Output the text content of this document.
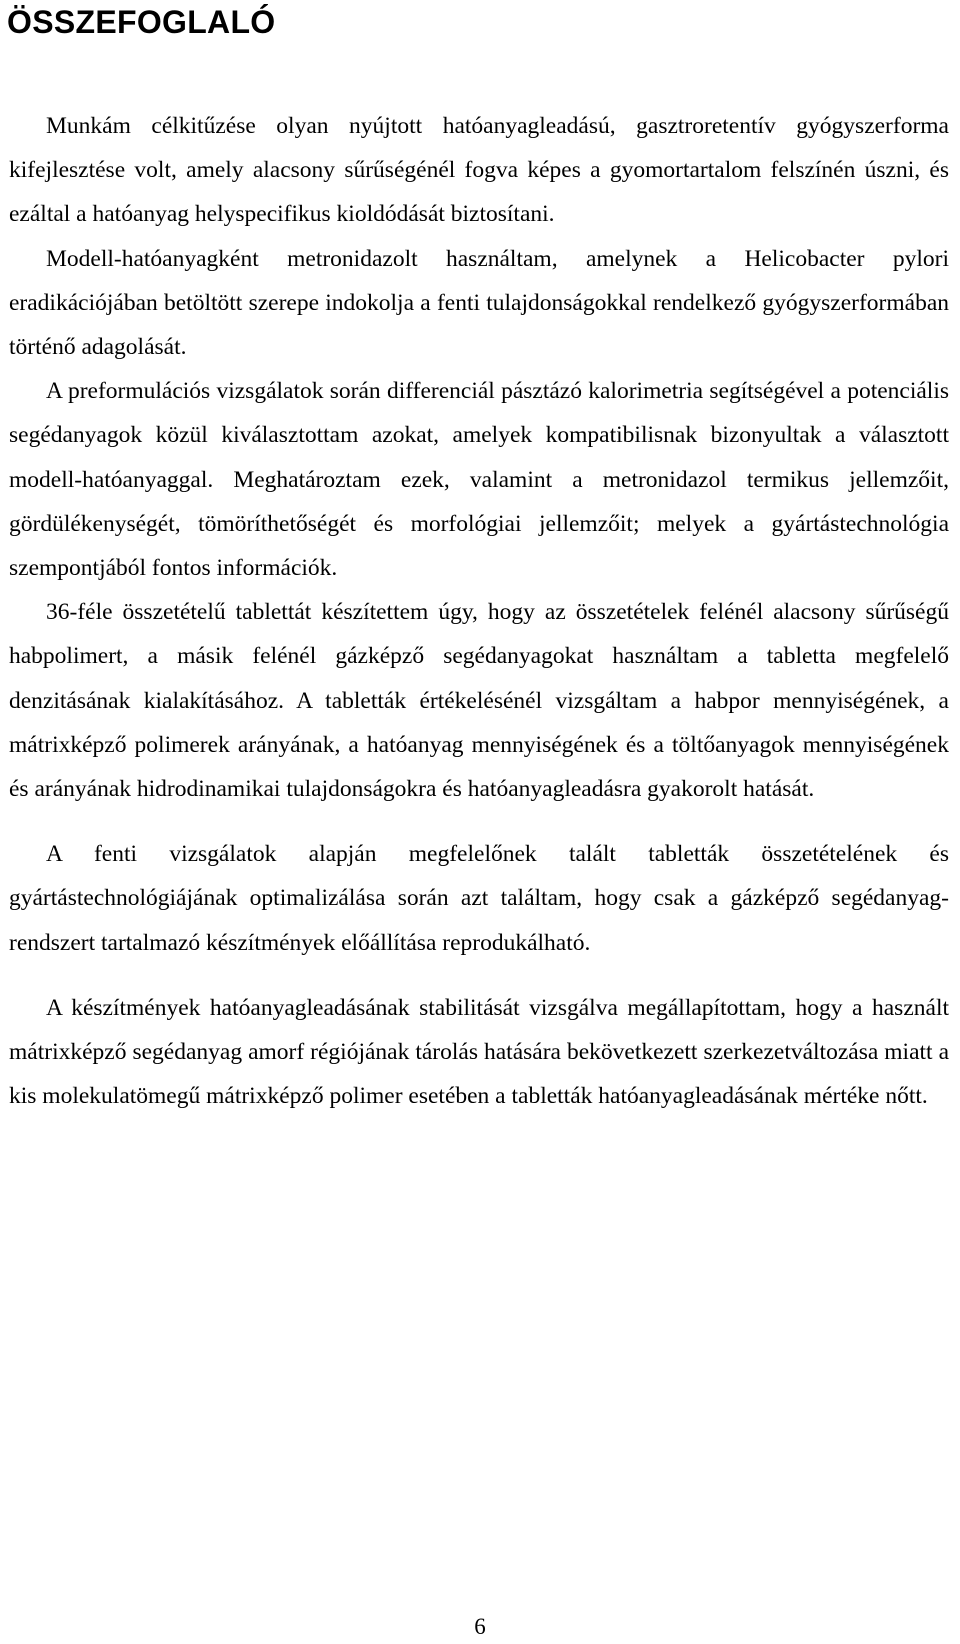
ÖSSZEFOGLALÓ

Munkám célkitűzése olyan nyújtott hatóanyagleadású, gasztroretentív gyógyszerforma kifejlesztése volt, amely alacsony sűrűségénél fogva képes a gyomortartalom felszínén úszni, és ezáltal a hatóanyag helyspecifikus kioldódását biztosítani.

Modell-hatóanyagként metronidazolt használtam, amelynek a Helicobacter pylori eradikációjában betöltött szerepe indokolja a fenti tulajdonságokkal rendelkező gyógyszerformában történő adagolását.

A preformulációs vizsgálatok során differenciál pásztázó kalorimetria segítségével a potenciális segédanyagok közül kiválasztottam azokat, amelyek kompatibilisnak bizonyultak a választott modell-hatóanyaggal. Meghatároztam ezek, valamint a metronidazol termikus jellemzőit, gördülékenységét, tömöríthetőségét és morfológiai jellemzőit; melyek a gyártástechnológia szempontjából fontos információk.

36-féle összetételű tablettát készítettem úgy, hogy az összetételek felénél alacsony sűrűségű habpolimert, a másik felénél gázképző segédanyagokat használtam a tabletta megfelelő denzitásának kialakításához. A tabletták értékelésénél vizsgáltam a habpor mennyiségének, a mátrixképző polimerek arányának, a hatóanyag mennyiségének és a töltőanyagok mennyiségének és arányának hidrodinamikai tulajdonságokra és hatóanyagleadásra gyakorolt hatását.

A fenti vizsgálatok alapján megfelelőnek talált tabletták összetételének és gyártástechnológiájának optimalizálása során azt találtam, hogy csak a gázképző segédanyag-rendszert tartalmazó készítmények előállítása reprodukálható.

A készítmények hatóanyagleadásának stabilitását vizsgálva megállapítottam, hogy a használt mátrixképző segédanyag amorf régiójának tárolás hatására bekövetkezett szerkezetváltozása miatt a kis molekulatömegű mátrixképző polimer esetében a tabletták hatóanyagleadásának mértéke nőtt.

6
